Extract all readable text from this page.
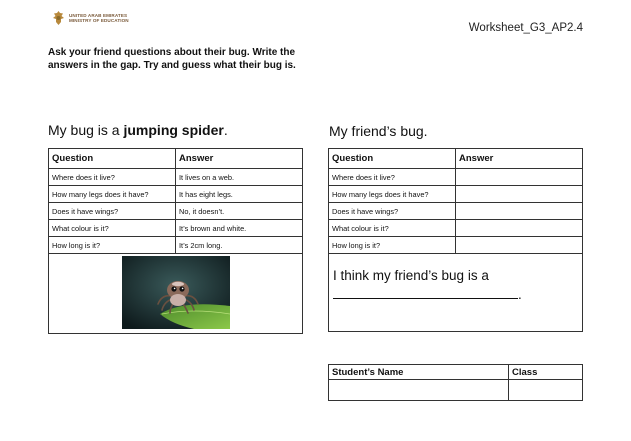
UNITED ARAB EMIRATES
MINISTRY OF EDUCATION
Worksheet_G3_AP2.4
Ask your friend questions about their bug. Write the answers in the gap. Try and guess what their bug is.
My bug is a jumping spider.	My friend’s bug.
Question	Answer
Where does it live?	It lives on a web.
How many legs does it have?	It has eight legs.
Does it have wings?	No, it doesn’t.
What colour is it?	It’s brown and white.
How long is it?	It’s 2cm long.

Question	Answer
Where does it live?	
How many legs does it have?	
Does it have wings?	
What colour is it?	
How long is it?	

I think my friend’s bug is a
.	
Student’s Name	Class
